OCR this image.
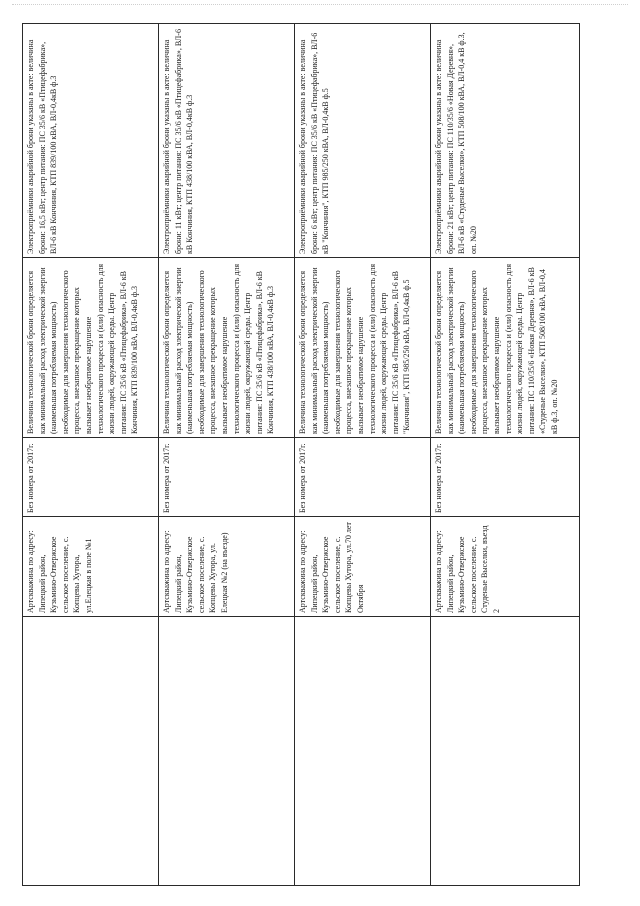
	Артскважина по адресу: Липецкий район, Кузьмино-Отвержское сельское поселение, с. Копцевы Хутора, ул.Елецкая в поле №1	Без номера от 2017г.	Величина технологической брони определяется как минимальный расход электрической энергии (наименьшая потребляемая мощность) необходимые для завершения технологического процесса, внезапное прекращение которых вызывает необратимое нарушение технологического процесса и (или) опасность для жизни людей, окружающей среды. Центр питания: ПС 35/6 кВ «Птицефабрика», ВЛ-6 кВ Кончиния, КТП 839/100 кВА, ВЛ-0,4кВ ф.3	Электроприёмники аварийной брони указаны в акте: величина брони: 16,5 кВт; центр питания: ПС 35/6 кВ «Птицефабрика», ВЛ-6 кВ Кончиния, КТП 839/100 кВА, ВЛ-0,4кВ ф.3

	Артскважина по адресу: Липецкий район, Кузьмино-Отвержское сельское поселение, с. Копцевы Хутора, ул. Елецкая №2 (на въезде)	Без номера от 2017г.	Величина технологической брони определяется как минимальный расход электрической энергии (наименьшая потребляемая мощность) необходимые для завершения технологического процесса, внезапное прекращение которых вызывает необратимое нарушение технологического процесса и (или) опасность для жизни людей, окружающей среды. Центр питания: ПС 35/6 кВ «Птицефабрика», ВЛ-6 кВ Кончиния, КТП 438/100 кВА, ВЛ-0,4кВ ф.3	Электроприёмники аварийной брони указаны в акте: величина брони: 11 кВт; центр питания: ПС 35/6 кВ «Птицефабрика», ВЛ-6 кВ Кончиния, КТП 438/100 кВА, ВЛ-0,4кВ ф.3

	Артскважина по адресу: Липецкий район, Кузьмино-Отвержское сельское поселение, с. Копцевы Хутора, ул.70 лет Октября	Без номера от 2017г.	Величина технологической брони определяется как минимальный расход электрической энергии (наименьшая потребляемая мощность) необходимые для завершения технологического процесса, внезапное прекращение которых вызывает необратимое нарушение технологического процесса и (или) опасность для жизни людей, окружающей среды. Центр питания: ПС 35/6 кВ «Птицефабрика», ВЛ-6 кВ "Кончиния", КТП 985/250 кВА, ВЛ-0,4кВ ф.5	Электроприёмники аварийной брони указаны в акте: величина брони: 6 кВт; центр питания: ПС 35/6 кВ «Птицефабрика», ВЛ-6 кВ "Кончиния", КТП 985/250 кВА, ВЛ-0,4кВ ф.5

	Артскважина по адресу: Липецкий район, Кузьмино-Отвержское сельское поселение, с. Студеные Выселки, въезд 2	Без номера от 2017г.	Величина технологической брони определяется как минимальный расход электрической энергии (наименьшая потребляемая мощность) необходимые для завершения технологического процесса, внезапное прекращение которых вызывает необратимое нарушение технологического процесса и (или) опасность для жизни людей, окружающей среды. Центр питания: ПС 110/35/6 «Новая Деревня», ВЛ-6 кВ «Студеные Выселки», КТП 508/100 кВА, ВЛ-0,4 кВ ф.3, оп. №20	Электроприёмники аварийной брони указаны в акте: величина брони: 21 кВт; центр питания: ПС 110/35/6 «Новая Деревня», ВЛ-6 кВ «Студеные Выселки», КТП 508/100 кВА, ВЛ-0,4 кВ ф.3, оп. №20
